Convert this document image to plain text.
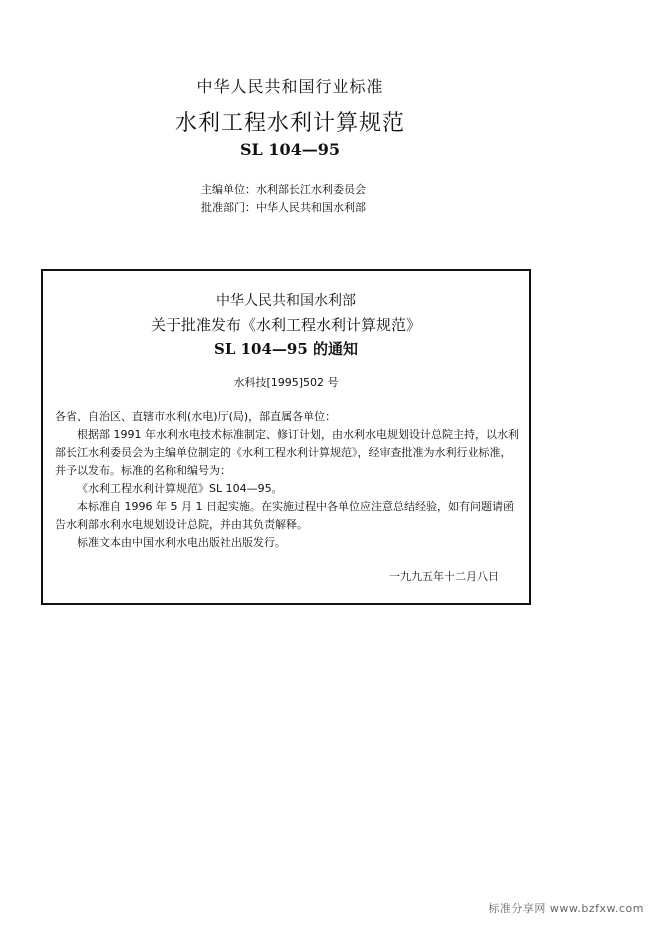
中华人民共和国行业标准
水利工程水利计算规范
SL 104—95
主编单位：水利部长江水利委员会
批准部门：中华人民共和国水利部
中华人民共和国水利部
关于批准发布《水利工程水利计算规范》
SL 104—95 的通知
水科技[1995]502 号

各省、自治区、直辖市水利(水电)厅(局)，部直属各单位：

根据部 1991 年水利水电技术标准制定、修订计划，由水利水电规划设计总院主持，以水利部长江水利委员会为主编单位制定的《水利工程水利计算规范》，经审查批准为水利行业标准，并予以发布。标准的名称和编号为：

《水利工程水利计算规范》SL 104—95。

本标准自 1996 年 5 月 1 日起实施。在实施过程中各单位应注意总结经验，如有问题请函告水利部水利水电规划设计总院，并由其负责解释。

标准文本由中国水利水电出版社出版发行。

一九九五年十二月八日
标准分享网 www.bzfxw.com
